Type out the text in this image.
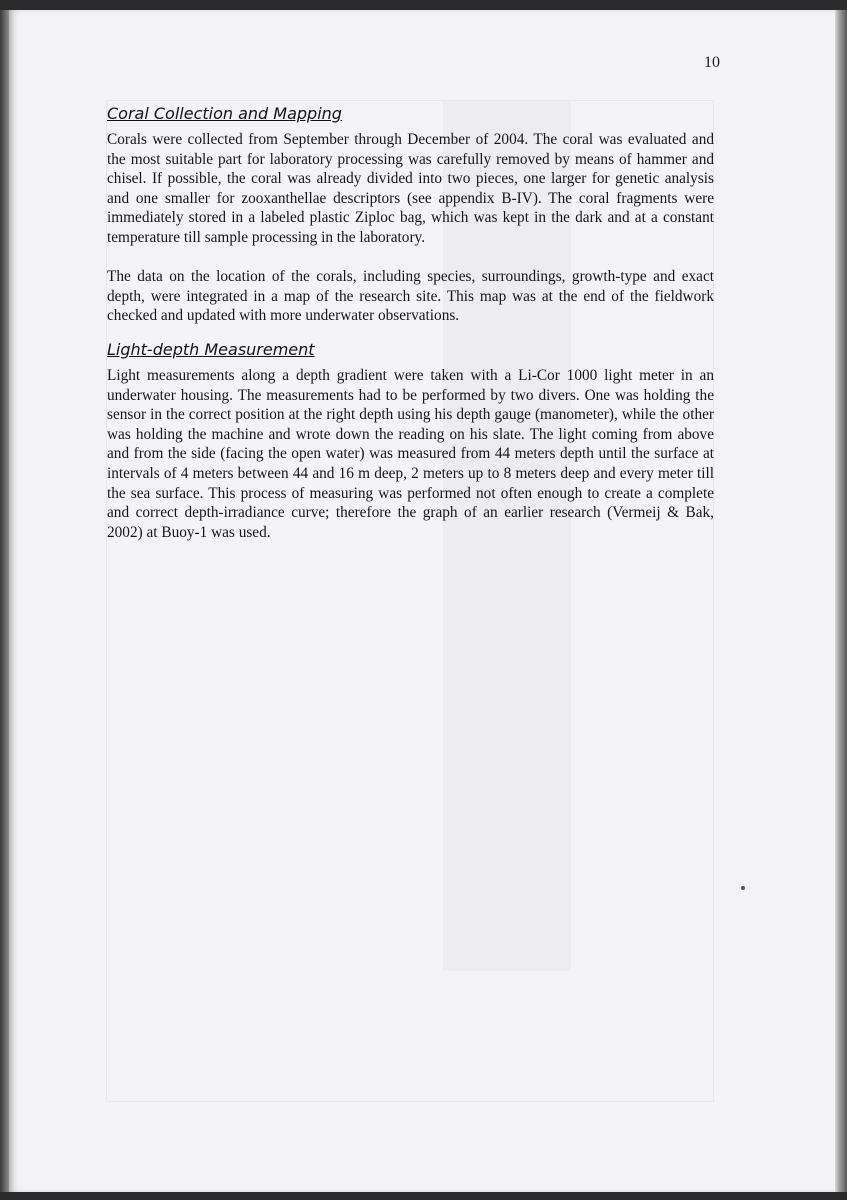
10
Coral Collection and Mapping

Corals were collected from September through December of 2004. The coral was evaluated and the most suitable part for laboratory processing was carefully removed by means of hammer and chisel. If possible, the coral was already divided into two pieces, one larger for genetic analysis and one smaller for zooxanthellae descriptors (see appendix B-IV). The coral fragments were immediately stored in a labeled plastic Ziploc bag, which was kept in the dark and at a constant temperature till sample processing in the laboratory.

The data on the location of the corals, including species, surroundings, growth-type and exact depth, were integrated in a map of the research site. This map was at the end of the fieldwork checked and updated with more underwater observations.

Light-depth Measurement

Light measurements along a depth gradient were taken with a Li-Cor 1000 light meter in an underwater housing. The measurements had to be performed by two divers. One was holding the sensor in the correct position at the right depth using his depth gauge (manometer), while the other was holding the machine and wrote down the reading on his slate. The light coming from above and from the side (facing the open water) was measured from 44 meters depth until the surface at intervals of 4 meters between 44 and 16 m deep, 2 meters up to 8 meters deep and every meter till the sea surface. This process of measuring was performed not often enough to create a complete and correct depth-irradiance curve; therefore the graph of an earlier research (Vermeij & Bak, 2002) at Buoy-1 was used.
